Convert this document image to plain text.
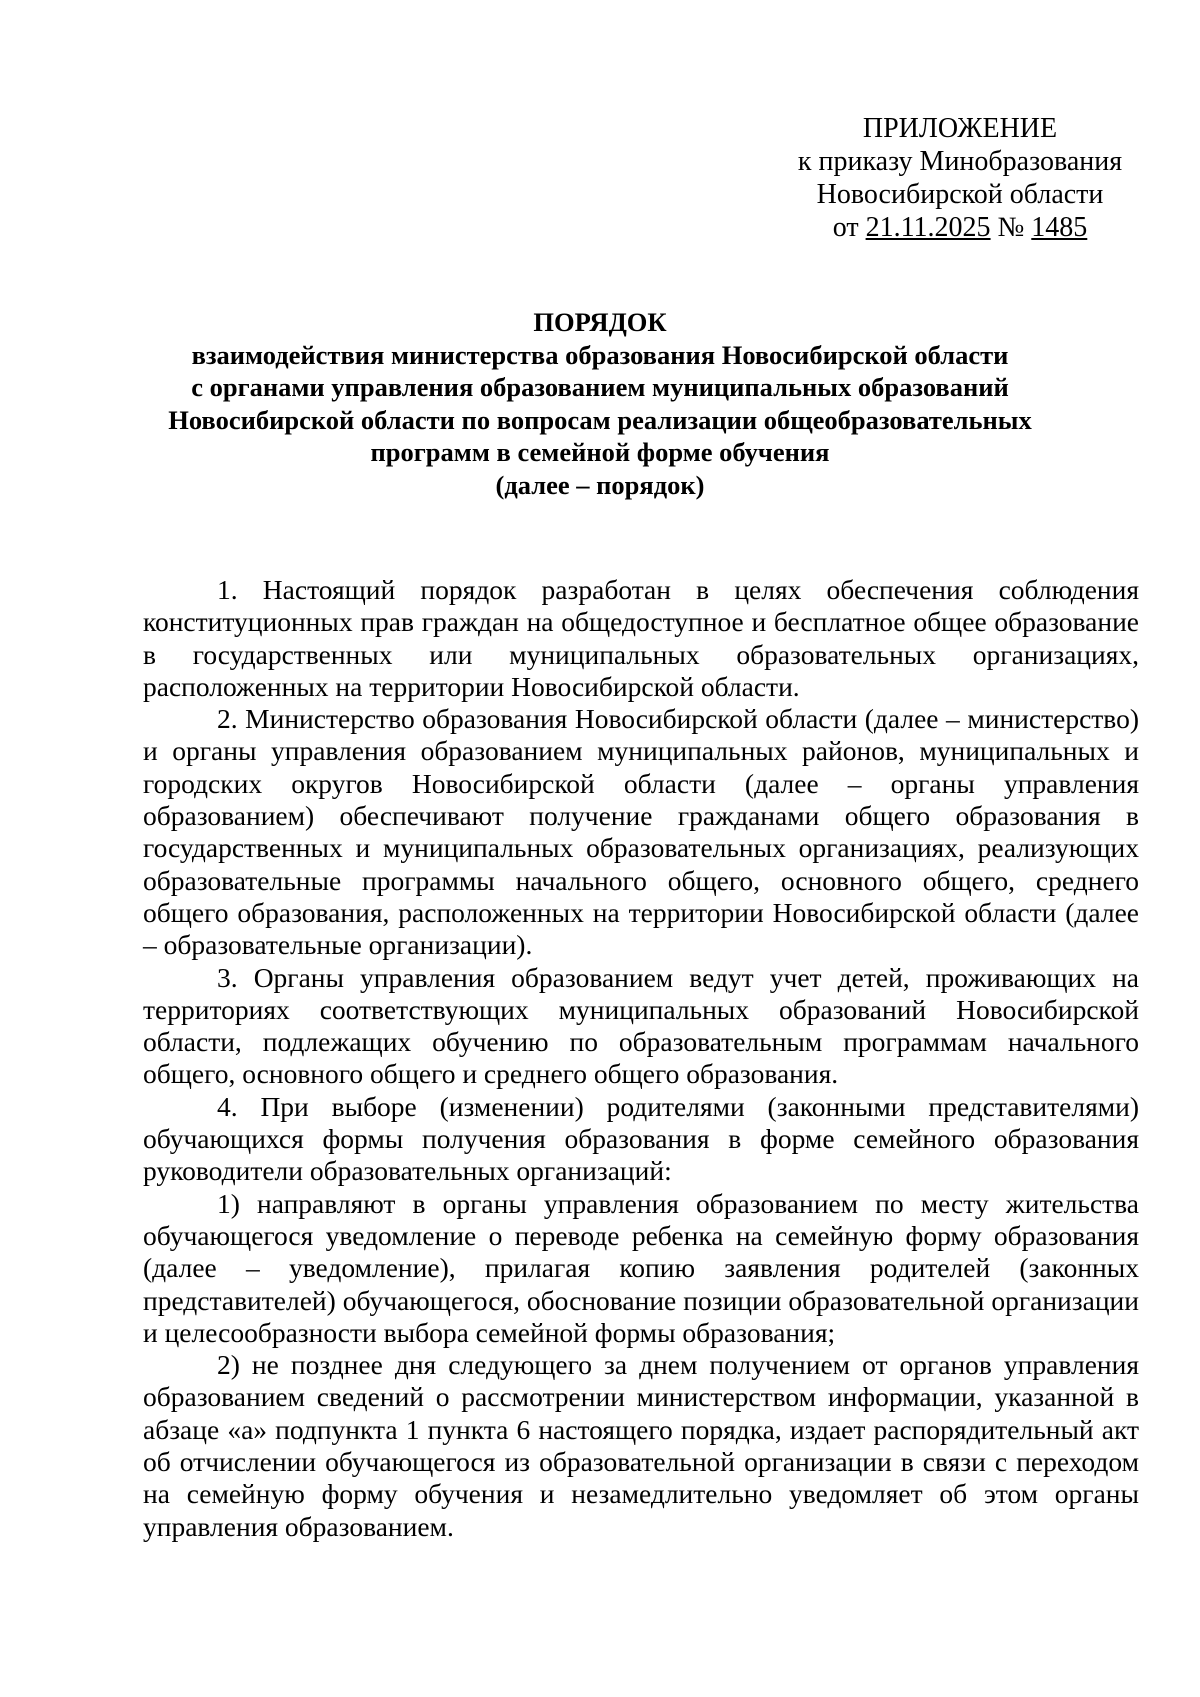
ПРИЛОЖЕНИЕ
к приказу Минобразования
Новосибирской области
от 21.11.2025 № 1485
ПОРЯДОК
взаимодействия министерства образования Новосибирской области
с органами управления образованием муниципальных образований
Новосибирской области по вопросам реализации общеобразовательных
программ в семейной форме обучения
(далее – порядок)

1. Настоящий порядок разработан в целях обеспечения соблюдения конституционных прав граждан на общедоступное и бесплатное общее образование в государственных или муниципальных образовательных организациях, расположенных на территории Новосибирской области.

2. Министерство образования Новосибирской области (далее – министерство) и органы управления образованием муниципальных районов, муниципальных и городских округов Новосибирской области (далее – органы управления образованием) обеспечивают получение гражданами общего образования в государственных и муниципальных образовательных организациях, реализующих образовательные программы начального общего, основного общего, среднего общего образования, расположенных на территории Новосибирской области (далее – образовательные организации).

3. Органы управления образованием ведут учет детей, проживающих на территориях соответствующих муниципальных образований Новосибирской области, подлежащих обучению по образовательным программам начального общего, основного общего и среднего общего образования.

4. При выборе (изменении) родителями (законными представителями) обучающихся формы получения образования в форме семейного образования руководители образовательных организаций:

1) направляют в органы управления образованием по месту жительства обучающегося уведомление о переводе ребенка на семейную форму образования (далее – уведомление), прилагая копию заявления родителей (законных представителей) обучающегося, обоснование позиции образовательной организации и целесообразности выбора семейной формы образования;

2) не позднее дня следующего за днем получением от органов управления образованием сведений о рассмотрении министерством информации, указанной в абзаце «а» подпункта 1 пункта 6 настоящего порядка, издает распорядительный акт об отчислении обучающегося из образовательной организации в связи с переходом на семейную форму обучения и незамедлительно уведомляет об этом органы управления образованием.
